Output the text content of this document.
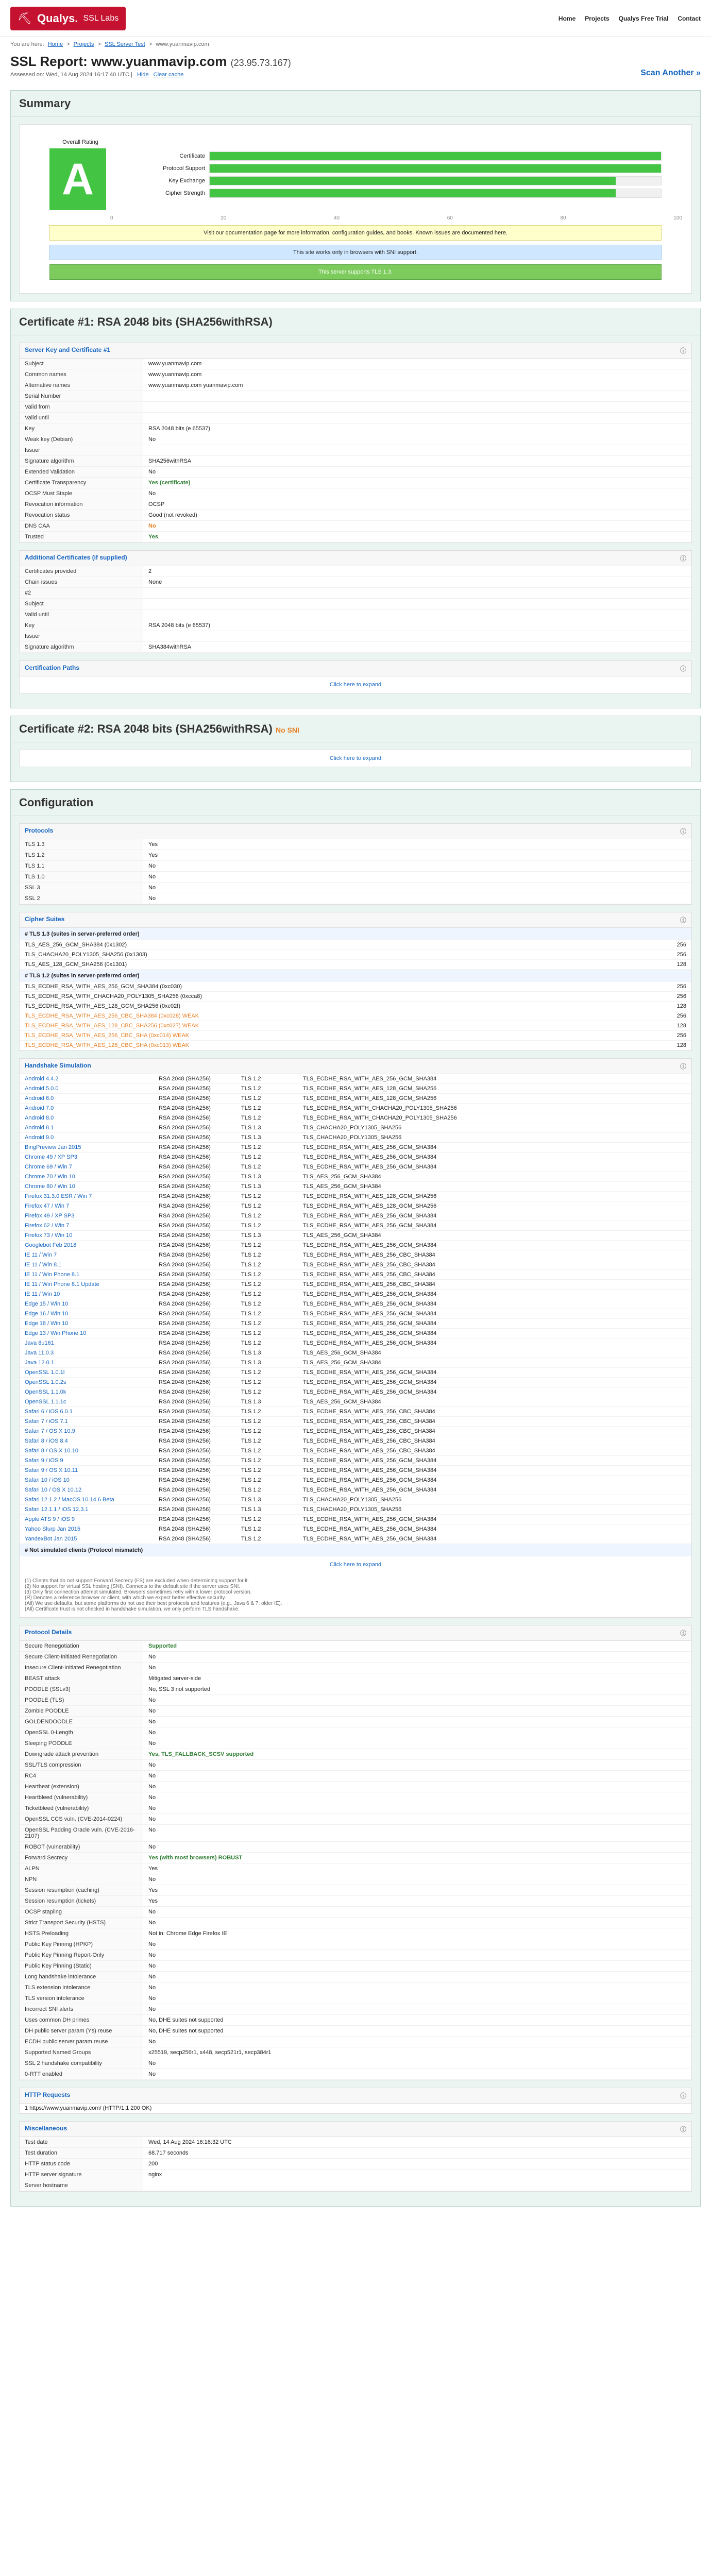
⛏ Qualys. SSL Labs	Home Projects Qualys Free Trial Contact
You are here: Home > Projects > SSL Server Test > www.yuanmavip.com
SSL Report: www.yuanmavip.com (23.95.73.167)
Assessed on: Wed, 14 Aug 2024 16:17:40 UTC | Hide Clear cache	Scan Another »
Summary
Overall Rating
A	Certificate
Protocol Support
Key Exchange
Cipher Strength
0	20	40	60	80	100
Visit our documentation page for more information, configuration guides, and books. Known issues are documented here.
This site works only in browsers with SNI support.
This server supports TLS 1.3.
Certificate #1: RSA 2048 bits (SHA256withRSA)
Server Key and Certificate #1	ⓘ
Subject	www.yuanmavip.com
Common names	www.yuanmavip.com
Alternative names	www.yuanmavip.com yuanmavip.com
Serial Number	
Valid from	
Valid until	
Key	RSA 2048 bits (e 65537)
Weak key (Debian)	No
Issuer	
Signature algorithm	SHA256withRSA
Extended Validation	No
Certificate Transparency	Yes (certificate)
OCSP Must Staple	No
Revocation information	OCSP
Revocation status	Good (not revoked)
DNS CAA	No
Trusted	Yes
Additional Certificates (if supplied)	ⓘ
Certificates provided	2
Chain issues	None
#2	
Subject	
Valid until	
Key	RSA 2048 bits (e 65537)
Issuer	
Signature algorithm	SHA384withRSA
Certification Paths	ⓘ
Click here to expand
Certificate #2: RSA 2048 bits (SHA256withRSA) No SNI
Click here to expand
Configuration
Protocols	ⓘ
TLS 1.3	Yes
TLS 1.2	Yes
TLS 1.1	No
TLS 1.0	No
SSL 3	No
SSL 2	No
Cipher Suites	ⓘ
# TLS 1.3 (suites in server-preferred order)
TLS_AES_256_GCM_SHA384 (0x1302)	256
TLS_CHACHA20_POLY1305_SHA256 (0x1303)	256
TLS_AES_128_GCM_SHA256 (0x1301)	128
# TLS 1.2 (suites in server-preferred order)
TLS_ECDHE_RSA_WITH_AES_256_GCM_SHA384 (0xc030)	256
TLS_ECDHE_RSA_WITH_CHACHA20_POLY1305_SHA256 (0xcca8)	256
TLS_ECDHE_RSA_WITH_AES_128_GCM_SHA256 (0xc02f)	128
TLS_ECDHE_RSA_WITH_AES_256_CBC_SHA384 (0xc028) WEAK	256
TLS_ECDHE_RSA_WITH_AES_128_CBC_SHA256 (0xc027) WEAK	128
TLS_ECDHE_RSA_WITH_AES_256_CBC_SHA (0xc014) WEAK	256
TLS_ECDHE_RSA_WITH_AES_128_CBC_SHA (0xc013) WEAK	128
Handshake Simulation	ⓘ
Android 4.4.2	RSA 2048 (SHA256)	TLS 1.2	TLS_ECDHE_RSA_WITH_AES_256_GCM_SHA384
Android 5.0.0	RSA 2048 (SHA256)	TLS 1.2	TLS_ECDHE_RSA_WITH_AES_128_GCM_SHA256
Android 6.0	RSA 2048 (SHA256)	TLS 1.2	TLS_ECDHE_RSA_WITH_AES_128_GCM_SHA256
Android 7.0	RSA 2048 (SHA256)	TLS 1.2	TLS_ECDHE_RSA_WITH_CHACHA20_POLY1305_SHA256
Android 8.0	RSA 2048 (SHA256)	TLS 1.2	TLS_ECDHE_RSA_WITH_CHACHA20_POLY1305_SHA256
Android 8.1	RSA 2048 (SHA256)	TLS 1.3	TLS_CHACHA20_POLY1305_SHA256
Android 9.0	RSA 2048 (SHA256)	TLS 1.3	TLS_CHACHA20_POLY1305_SHA256
BingPreview Jan 2015	RSA 2048 (SHA256)	TLS 1.2	TLS_ECDHE_RSA_WITH_AES_256_GCM_SHA384
Chrome 49 / XP SP3	RSA 2048 (SHA256)	TLS 1.2	TLS_ECDHE_RSA_WITH_AES_256_GCM_SHA384
Chrome 69 / Win 7	RSA 2048 (SHA256)	TLS 1.2	TLS_ECDHE_RSA_WITH_AES_256_GCM_SHA384
Chrome 70 / Win 10	RSA 2048 (SHA256)	TLS 1.3	TLS_AES_256_GCM_SHA384
Chrome 80 / Win 10	RSA 2048 (SHA256)	TLS 1.3	TLS_AES_256_GCM_SHA384
Firefox 31.3.0 ESR / Win 7	RSA 2048 (SHA256)	TLS 1.2	TLS_ECDHE_RSA_WITH_AES_128_GCM_SHA256
Firefox 47 / Win 7	RSA 2048 (SHA256)	TLS 1.2	TLS_ECDHE_RSA_WITH_AES_128_GCM_SHA256
Firefox 49 / XP SP3	RSA 2048 (SHA256)	TLS 1.2	TLS_ECDHE_RSA_WITH_AES_256_GCM_SHA384
Firefox 62 / Win 7	RSA 2048 (SHA256)	TLS 1.2	TLS_ECDHE_RSA_WITH_AES_256_GCM_SHA384
Firefox 73 / Win 10	RSA 2048 (SHA256)	TLS 1.3	TLS_AES_256_GCM_SHA384
Googlebot Feb 2018	RSA 2048 (SHA256)	TLS 1.2	TLS_ECDHE_RSA_WITH_AES_256_GCM_SHA384
IE 11 / Win 7	RSA 2048 (SHA256)	TLS 1.2	TLS_ECDHE_RSA_WITH_AES_256_CBC_SHA384
IE 11 / Win 8.1	RSA 2048 (SHA256)	TLS 1.2	TLS_ECDHE_RSA_WITH_AES_256_CBC_SHA384
IE 11 / Win Phone 8.1	RSA 2048 (SHA256)	TLS 1.2	TLS_ECDHE_RSA_WITH_AES_256_CBC_SHA384
IE 11 / Win Phone 8.1 Update	RSA 2048 (SHA256)	TLS 1.2	TLS_ECDHE_RSA_WITH_AES_256_CBC_SHA384
IE 11 / Win 10	RSA 2048 (SHA256)	TLS 1.2	TLS_ECDHE_RSA_WITH_AES_256_GCM_SHA384
Edge 15 / Win 10	RSA 2048 (SHA256)	TLS 1.2	TLS_ECDHE_RSA_WITH_AES_256_GCM_SHA384
Edge 16 / Win 10	RSA 2048 (SHA256)	TLS 1.2	TLS_ECDHE_RSA_WITH_AES_256_GCM_SHA384
Edge 18 / Win 10	RSA 2048 (SHA256)	TLS 1.2	TLS_ECDHE_RSA_WITH_AES_256_GCM_SHA384
Edge 13 / Win Phone 10	RSA 2048 (SHA256)	TLS 1.2	TLS_ECDHE_RSA_WITH_AES_256_GCM_SHA384
Java 8u161	RSA 2048 (SHA256)	TLS 1.2	TLS_ECDHE_RSA_WITH_AES_256_GCM_SHA384
Java 11.0.3	RSA 2048 (SHA256)	TLS 1.3	TLS_AES_256_GCM_SHA384
Java 12.0.1	RSA 2048 (SHA256)	TLS 1.3	TLS_AES_256_GCM_SHA384
OpenSSL 1.0.1l	RSA 2048 (SHA256)	TLS 1.2	TLS_ECDHE_RSA_WITH_AES_256_GCM_SHA384
OpenSSL 1.0.2s	RSA 2048 (SHA256)	TLS 1.2	TLS_ECDHE_RSA_WITH_AES_256_GCM_SHA384
OpenSSL 1.1.0k	RSA 2048 (SHA256)	TLS 1.2	TLS_ECDHE_RSA_WITH_AES_256_GCM_SHA384
OpenSSL 1.1.1c	RSA 2048 (SHA256)	TLS 1.3	TLS_AES_256_GCM_SHA384
Safari 6 / iOS 6.0.1	RSA 2048 (SHA256)	TLS 1.2	TLS_ECDHE_RSA_WITH_AES_256_CBC_SHA384
Safari 7 / iOS 7.1	RSA 2048 (SHA256)	TLS 1.2	TLS_ECDHE_RSA_WITH_AES_256_CBC_SHA384
Safari 7 / OS X 10.9	RSA 2048 (SHA256)	TLS 1.2	TLS_ECDHE_RSA_WITH_AES_256_CBC_SHA384
Safari 8 / iOS 8.4	RSA 2048 (SHA256)	TLS 1.2	TLS_ECDHE_RSA_WITH_AES_256_CBC_SHA384
Safari 8 / OS X 10.10	RSA 2048 (SHA256)	TLS 1.2	TLS_ECDHE_RSA_WITH_AES_256_CBC_SHA384
Safari 9 / iOS 9	RSA 2048 (SHA256)	TLS 1.2	TLS_ECDHE_RSA_WITH_AES_256_GCM_SHA384
Safari 9 / OS X 10.11	RSA 2048 (SHA256)	TLS 1.2	TLS_ECDHE_RSA_WITH_AES_256_GCM_SHA384
Safari 10 / iOS 10	RSA 2048 (SHA256)	TLS 1.2	TLS_ECDHE_RSA_WITH_AES_256_GCM_SHA384
Safari 10 / OS X 10.12	RSA 2048 (SHA256)	TLS 1.2	TLS_ECDHE_RSA_WITH_AES_256_GCM_SHA384
Safari 12.1.2 / MacOS 10.14.6 Beta	RSA 2048 (SHA256)	TLS 1.3	TLS_CHACHA20_POLY1305_SHA256
Safari 12.1.1 / iOS 12.3.1	RSA 2048 (SHA256)	TLS 1.3	TLS_CHACHA20_POLY1305_SHA256
Apple ATS 9 / iOS 9	RSA 2048 (SHA256)	TLS 1.2	TLS_ECDHE_RSA_WITH_AES_256_GCM_SHA384
Yahoo Slurp Jan 2015	RSA 2048 (SHA256)	TLS 1.2	TLS_ECDHE_RSA_WITH_AES_256_GCM_SHA384
YandexBot Jan 2015	RSA 2048 (SHA256)	TLS 1.2	TLS_ECDHE_RSA_WITH_AES_256_GCM_SHA384
# Not simulated clients (Protocol mismatch)
Click here to expand
(1) Clients that do not support Forward Secrecy (FS) are excluded when determining support for it.
(2) No support for virtual SSL hosting (SNI). Connects to the default site if the server uses SNI.
(3) Only first connection attempt simulated. Browsers sometimes retry with a lower protocol version.
(R) Denotes a reference browser or client, with which we expect better effective security.
(All) We use defaults, but some platforms do not use their best protocols and features (e.g., Java 6 & 7, older IE).
(All) Certificate trust is not checked in handshake simulation, we only perform TLS handshake.
Protocol Details	ⓘ
Secure Renegotiation	Supported
Secure Client-Initiated Renegotiation	No
Insecure Client-Initiated Renegotiation	No
BEAST attack	Mitigated server-side
POODLE (SSLv3)	No, SSL 3 not supported
POODLE (TLS)	No
Zombie POODLE	No
GOLDENDOODLE	No
OpenSSL 0-Length	No
Sleeping POODLE	No
Downgrade attack prevention	Yes, TLS_FALLBACK_SCSV supported
SSL/TLS compression	No
RC4	No
Heartbeat (extension)	No
Heartbleed (vulnerability)	No
Ticketbleed (vulnerability)	No
OpenSSL CCS vuln. (CVE-2014-0224)	No
OpenSSL Padding Oracle vuln. (CVE-2016-2107)	No
ROBOT (vulnerability)	No
Forward Secrecy	Yes (with most browsers) ROBUST
ALPN	Yes
NPN	No
Session resumption (caching)	Yes
Session resumption (tickets)	Yes
OCSP stapling	No
Strict Transport Security (HSTS)	No
HSTS Preloading	Not in: Chrome Edge Firefox IE
Public Key Pinning (HPKP)	No
Public Key Pinning Report-Only	No
Public Key Pinning (Static)	No
Long handshake intolerance	No
TLS extension intolerance	No
TLS version intolerance	No
Incorrect SNI alerts	No
Uses common DH primes	No, DHE suites not supported
DH public server param (Ys) reuse	No, DHE suites not supported
ECDH public server param reuse	No
Supported Named Groups	x25519, secp256r1, x448, secp521r1, secp384r1
SSL 2 handshake compatibility	No
0-RTT enabled	No
HTTP Requests	ⓘ
1 https://www.yuanmavip.com/ (HTTP/1.1 200 OK)
Miscellaneous	ⓘ
Test date	Wed, 14 Aug 2024 16:16:32 UTC
Test duration	68.717 seconds
HTTP status code	200
HTTP server signature	nginx
Server hostname	
